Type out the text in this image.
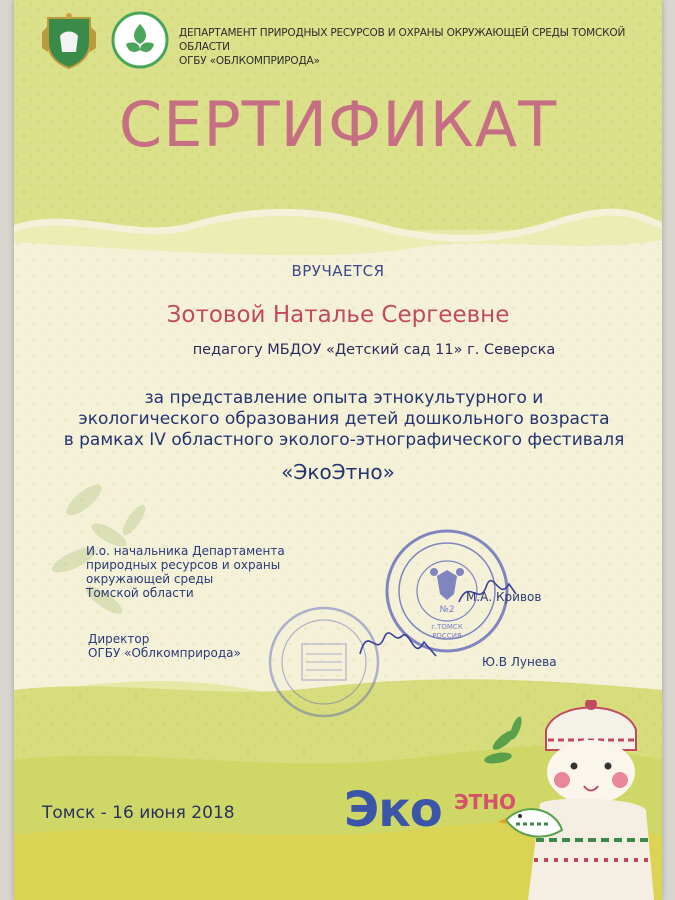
ДЕПАРТАМЕНТ ПРИРОДНЫХ РЕСУРСОВ И ОХРАНЫ ОКРУЖАЮЩЕЙ СРЕДЫ ТОМСКОЙ ОБЛАСТИ
ОГБУ «ОБЛКОМПРИРОДА»
СЕРТИФИКАТ
ВРУЧАЕТСЯ
Зотовой Наталье Сергеевне
педагогу МБДОУ «Детский сад 11» г. Северска
за представление опыта этнокультурного и
экологического образования детей дошкольного возраста
в рамках IV областного эколого-этнографического фестиваля
«ЭкоЭтно»
И.о. начальника Департамента
природных ресурсов и охраны
окружающей среды
Томской области
№2
г.ТОМСК
РОССИЯ
М.А. Кривов
Директор
ОГБУ «Облкомприрода»
Ю.В Лунева
Томск - 16 июня 2018 Эко ЭТНО
